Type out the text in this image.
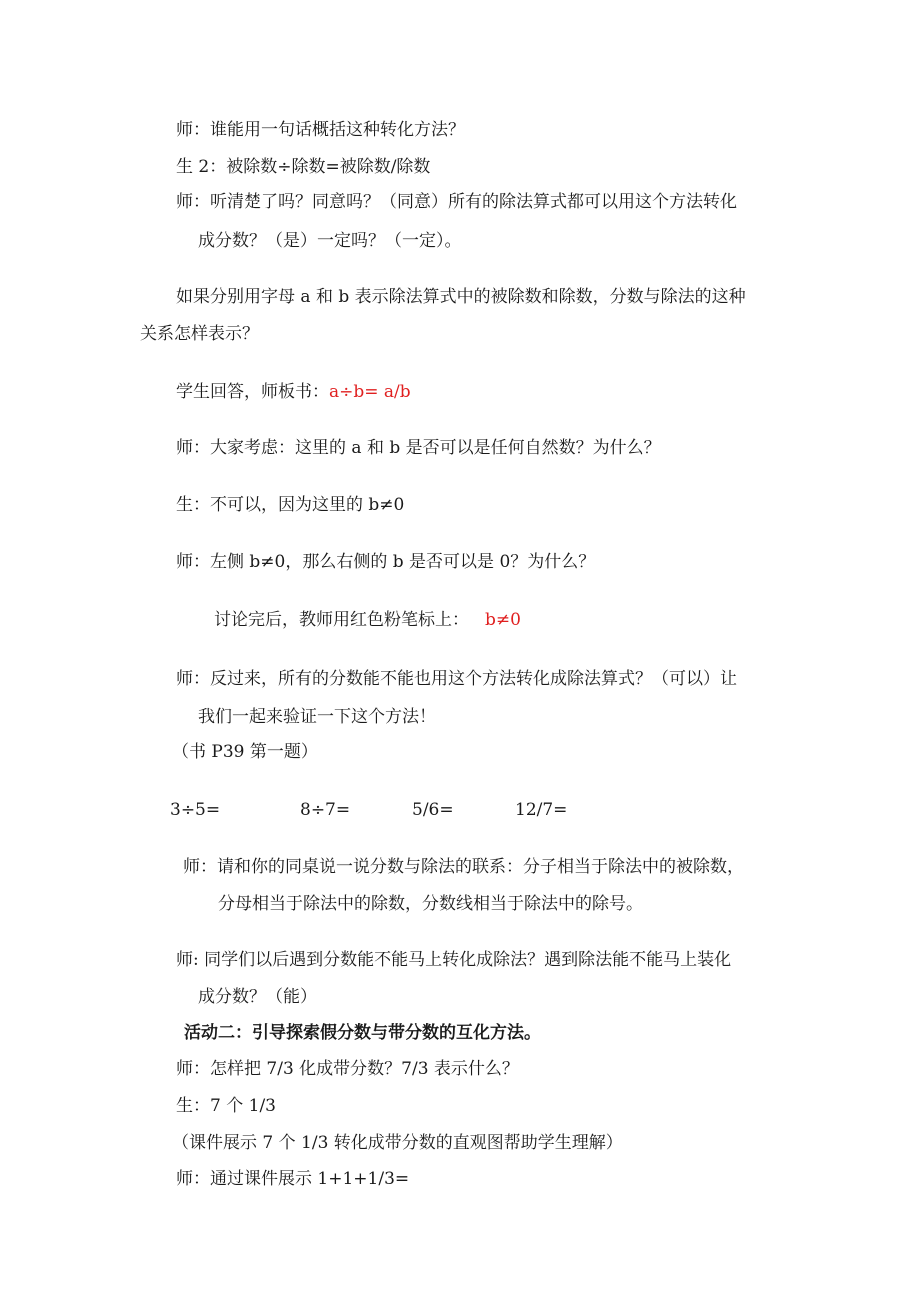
师：谁能用一句话概括这种转化方法？
生 2：被除数÷除数=被除数/除数
师：听清楚了吗？同意吗？（同意）所有的除法算式都可以用这个方法转化
成分数？（是）一定吗？（一定）。
如果分别用字母 a 和 b 表示除法算式中的被除数和除数，分数与除法的这种
关系怎样表示？
学生回答，师板书：a÷b= a/b
师：大家考虑：这里的 a 和 b 是否可以是任何自然数？为什么？
生：不可以，因为这里的 b≠0
师：左侧 b≠0，那么右侧的 b 是否可以是 0？为什么？
讨论完后，教师用红色粉笔标上： b≠0
师：反过来，所有的分数能不能也用这个方法转化成除法算式？（可以）让
我们一起来验证一下这个方法！
（书 P39 第一题）
3÷5=	8÷7=	5/6=	12/7=
师：请和你的同桌说一说分数与除法的联系：分子相当于除法中的被除数，
分母相当于除法中的除数，分数线相当于除法中的除号。
师: 同学们以后遇到分数能不能马上转化成除法？遇到除法能不能马上装化
成分数？（能）
活动二：引导探索假分数与带分数的互化方法。
师：怎样把 7/3 化成带分数？7/3 表示什么？
生：7 个 1/3
（课件展示 7 个 1/3 转化成带分数的直观图帮助学生理解）
师：通过课件展示 1+1+1/3=
